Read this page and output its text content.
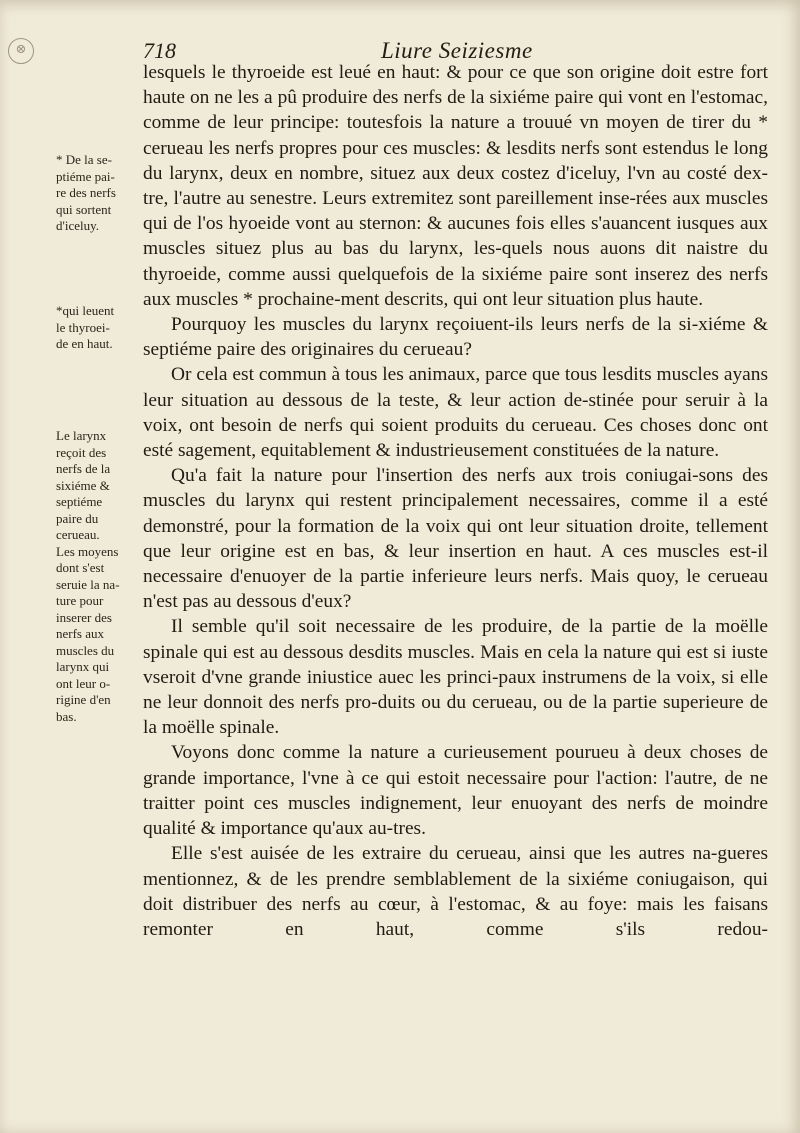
⊗	718	Liure Seiziesme
* De la se-
ptiéme pai-
re des nerfs
qui sortent
d'iceluy.
*qui leuent
le thyroei-
de en haut.
Le larynx
reçoit des
nerfs de la
sixiéme &
septiéme
paire du
cerueau.
Les moyens
dont s'est
seruie la na-
ture pour
inserer des
nerfs aux
muscles du
larynx qui
ont leur o-
rigine d'en
bas.

lesquels le thyroeide est leué en haut: & pour ce que son origine doit estre fort haute on ne les a pû produire des nerfs de la sixiéme paire qui vont en l'estomac, comme de leur principe: toutesfois la nature a trouué vn moyen de tirer du * cerueau les nerfs propres pour ces muscles: & lesdits nerfs sont estendus le long du larynx, deux en nombre, situez aux deux costez d'iceluy, l'vn au costé dex-tre, l'autre au senestre. Leurs extremitez sont pareillement inse-rées aux muscles qui de l'os hyoeide vont au sternon: & aucunes fois elles s'auancent iusques aux muscles situez plus au bas du larynx, les-quels nous auons dit naistre du thyroeide, comme aussi quelquefois de la sixiéme paire sont inserez des nerfs aux muscles * prochaine-ment descrits, qui ont leur situation plus haute.

Pourquoy les muscles du larynx reçoiuent-ils leurs nerfs de la si-xiéme & septiéme paire des originaires du cerueau?

Or cela est commun à tous les animaux, parce que tous lesdits muscles ayans leur situation au dessous de la teste, & leur action de-stinée pour seruir à la voix, ont besoin de nerfs qui soient produits du cerueau. Ces choses donc ont esté sagement, equitablement & industrieusement constituées de la nature.

Qu'a fait la nature pour l'insertion des nerfs aux trois coniugai-sons des muscles du larynx qui restent principalement necessaires, comme il a esté demonstré, pour la formation de la voix qui ont leur situation droite, tellement que leur origine est en bas, & leur insertion en haut. A ces muscles est-il necessaire d'enuoyer de la partie inferieure leurs nerfs. Mais quoy, le cerueau n'est pas au dessous d'eux?

Il semble qu'il soit necessaire de les produire, de la partie de la moëlle spinale qui est au dessous desdits muscles. Mais en cela la nature qui est si iuste vseroit d'vne grande iniustice auec les princi-paux instrumens de la voix, si elle ne leur donnoit des nerfs pro-duits ou du cerueau, ou de la partie superieure de la moëlle spinale.

Voyons donc comme la nature a curieusement pourueu à deux choses de grande importance, l'vne à ce qui estoit necessaire pour l'action: l'autre, de ne traitter point ces muscles indignement, leur enuoyant des nerfs de moindre qualité & importance qu'aux au-tres.

Elle s'est auisée de les extraire du cerueau, ainsi que les autres na-gueres mentionnez, & de les prendre semblablement de la sixiéme coniugaison, qui doit distribuer des nerfs au cœur, à l'estomac, & au foye: mais les faisans remonter en haut, comme s'ils redou-
